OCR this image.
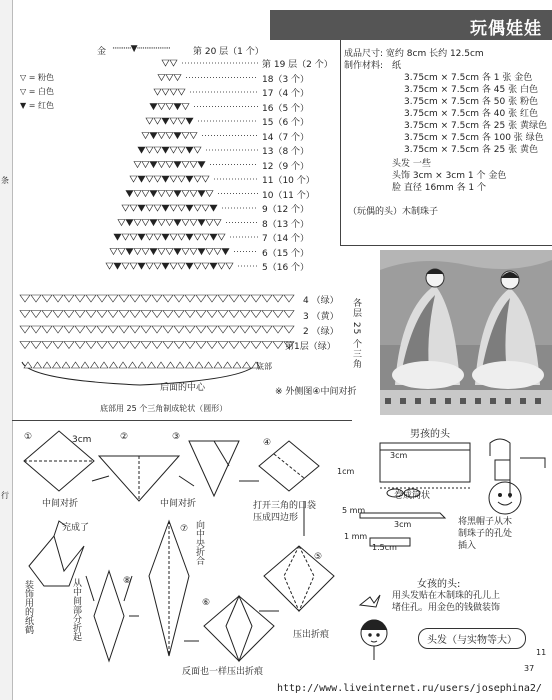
条
行
玩偶娃娃
金 ··········▼··················	第 20 层（1 个）
第 19 层（2 个）
18（3 个）
17（4 个）
16（5 个）
15（6 个）
14（7 个）
13（8 个）
12（9 个）
11（10 个）
10（11 个）
9（12 个）
8（13 个）
7（14 个）
6（15 个）
5（16 个）
▽ = 粉色
▽ = 白色
▼ = 红色
4 （绿）
3 （黄）
2 （绿）
第1层（绿） 各层 25 个三角
底部
后面的中心
底部用 25 个三角制成轮状（圆形）
※ 外侧图④中间对折
成品尺寸: 宽约 8cm 长约 12.5cm
制作材料: 纸
3.75cm × 7.5cm 各 1 张 金色
3.75cm × 7.5cm 各 45 张 白色
3.75cm × 7.5cm 各 50 张 粉色
3.75cm × 7.5cm 各 40 张 红色
3.75cm × 7.5cm 各 25 张 黄绿色
3.75cm × 7.5cm 各 100 张 绿色
3.75cm × 7.5cm 各 25 张 黄色
头发 一些
头饰 3cm × 3cm 1 个 金色
脸 直径 16mm 各 1 个
（玩偶的头）木制珠子
3cm
中间对折	中间对折	打开三角的口袋
压成四边形
压出折痕
反面也一样压出折痕
向中央折合
从中间部分折起
完成了
装饰用的纸鹤
①	②	③
④
⑤
⑥
⑦
⑧
男孩的头
1cm
3cm
卷成筒状
5 mm
3cm
1 mm
1.5cm
将黑帽子从木
制珠子的孔处
插入
女孩的头:
用头发贴在木制珠的孔儿上
堵住孔。用金色的钱做装饰
头发（与实物等大）
11
37
http://www.liveinternet.ru/users/josephina2/
